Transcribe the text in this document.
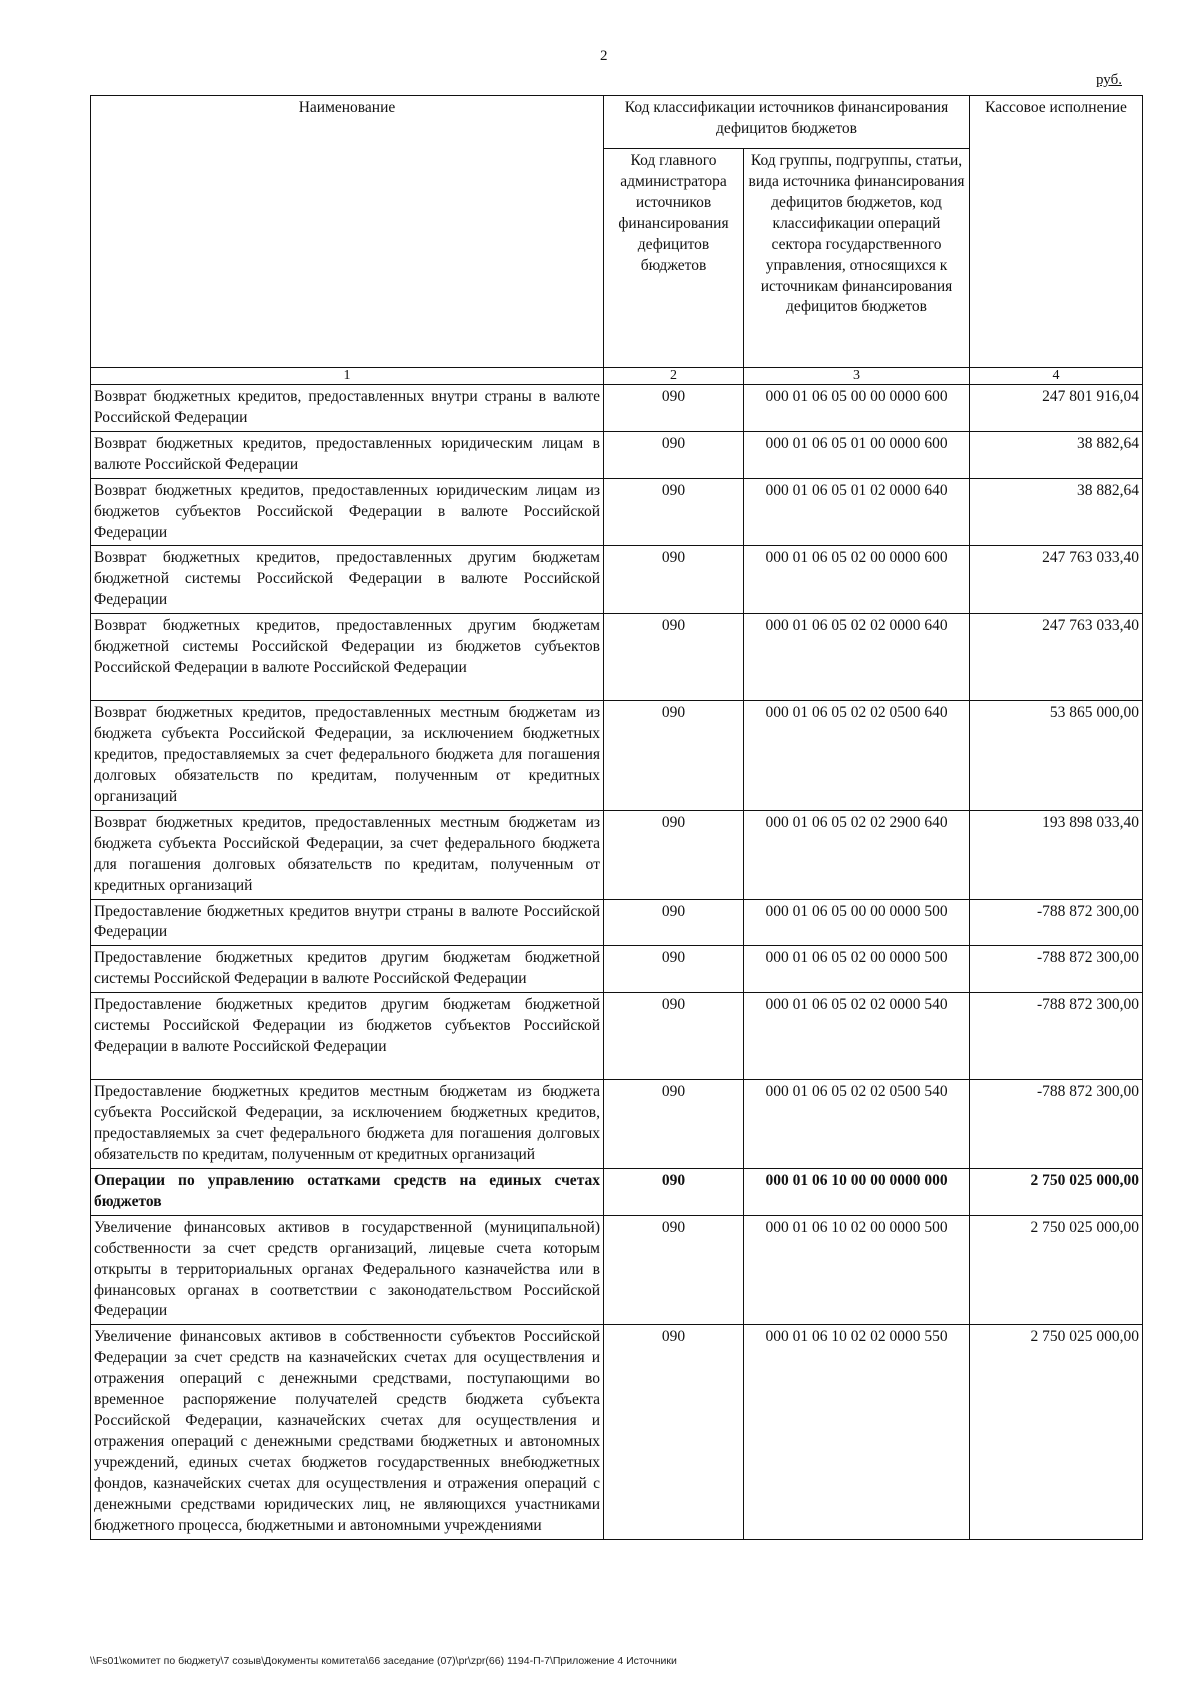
2
руб.
Наименование	Код классификации источников финансирования дефицитов бюджетов		Кассовое исполнение
	Код главного администратора источников финансирования дефицитов бюджетов	Код группы, подгруппы, статьи, вида источника финансирования дефицитов бюджетов, код классификации операций сектора государственного управления, относящихся к источникам финансирования дефицитов бюджетов	
1	2	3	4
Возврат бюджетных кредитов, предоставленных внутри страны в валюте Российской Федерации	090	000 01 06 05 00 00 0000 600	247 801 916,04
Возврат бюджетных кредитов, предоставленных юридическим лицам в валюте Российской Федерации	090	000 01 06 05 01 00 0000 600	38 882,64
Возврат бюджетных кредитов, предоставленных юридическим лицам из бюджетов субъектов Российской Федерации в валюте Российской Федерации	090	000 01 06 05 01 02 0000 640	38 882,64
Возврат бюджетных кредитов, предоставленных другим бюджетам бюджетной системы Российской Федерации в валюте Российской Федерации	090	000 01 06 05 02 00 0000 600	247 763 033,40
Возврат бюджетных кредитов, предоставленных другим бюджетам бюджетной системы Российской Федерации из бюджетов субъектов Российской Федерации в валюте Российской Федерации	090	000 01 06 05 02 02 0000 640	247 763 033,40
Возврат бюджетных кредитов, предоставленных местным бюджетам из бюджета субъекта Российской Федерации, за исключением бюджетных кредитов, предоставляемых за счет федерального бюджета для погашения долговых обязательств по кредитам, полученным от кредитных организаций	090	000 01 06 05 02 02 0500 640	53 865 000,00
Возврат бюджетных кредитов, предоставленных местным бюджетам из бюджета субъекта Российской Федерации, за счет федерального бюджета для погашения долговых обязательств по кредитам, полученным от кредитных организаций	090	000 01 06 05 02 02 2900 640	193 898 033,40
Предоставление бюджетных кредитов внутри страны в валюте Российской Федерации	090	000 01 06 05 00 00 0000 500	-788 872 300,00
Предоставление бюджетных кредитов другим бюджетам бюджетной системы Российской Федерации в валюте Российской Федерации	090	000 01 06 05 02 00 0000 500	-788 872 300,00
Предоставление бюджетных кредитов другим бюджетам бюджетной системы Российской Федерации из бюджетов субъектов Российской Федерации в валюте Российской Федерации	090	000 01 06 05 02 02 0000 540	-788 872 300,00
Предоставление бюджетных кредитов местным бюджетам из бюджета субъекта Российской Федерации, за исключением бюджетных кредитов, предоставляемых за счет федерального бюджета для погашения долговых обязательств по кредитам, полученным от кредитных организаций	090	000 01 06 05 02 02 0500 540	-788 872 300,00
Операции по управлению остатками средств на единых счетах бюджетов	090	000 01 06 10 00 00 0000 000	2 750 025 000,00
Увеличение финансовых активов в государственной (муниципальной) собственности за счет средств организаций, лицевые счета которым открыты в территориальных органах Федерального казначейства или в финансовых органах в соответствии с законодательством Российской Федерации	090	000 01 06 10 02 00 0000 500	2 750 025 000,00
Увеличение финансовых активов в собственности субъектов Российской Федерации за счет средств на казначейских счетах для осуществления и отражения операций с денежными средствами, поступающими во временное распоряжение получателей средств бюджета субъекта Российской Федерации, казначейских счетах для осуществления и отражения операций с денежными средствами бюджетных и автономных учреждений, единых счетах бюджетов государственных внебюджетных фондов, казначейских счетах для осуществления и отражения операций с денежными средствами юридических лиц, не являющихся участниками бюджетного процесса, бюджетными и автономными учреждениями	090	000 01 06 10 02 02 0000 550	2 750 025 000,00
\\Fs01\комитет по бюджету\7 созыв\Документы комитета\66 заседание (07)\pr\zpr(66) 1194-П-7\Приложение 4 Источники
